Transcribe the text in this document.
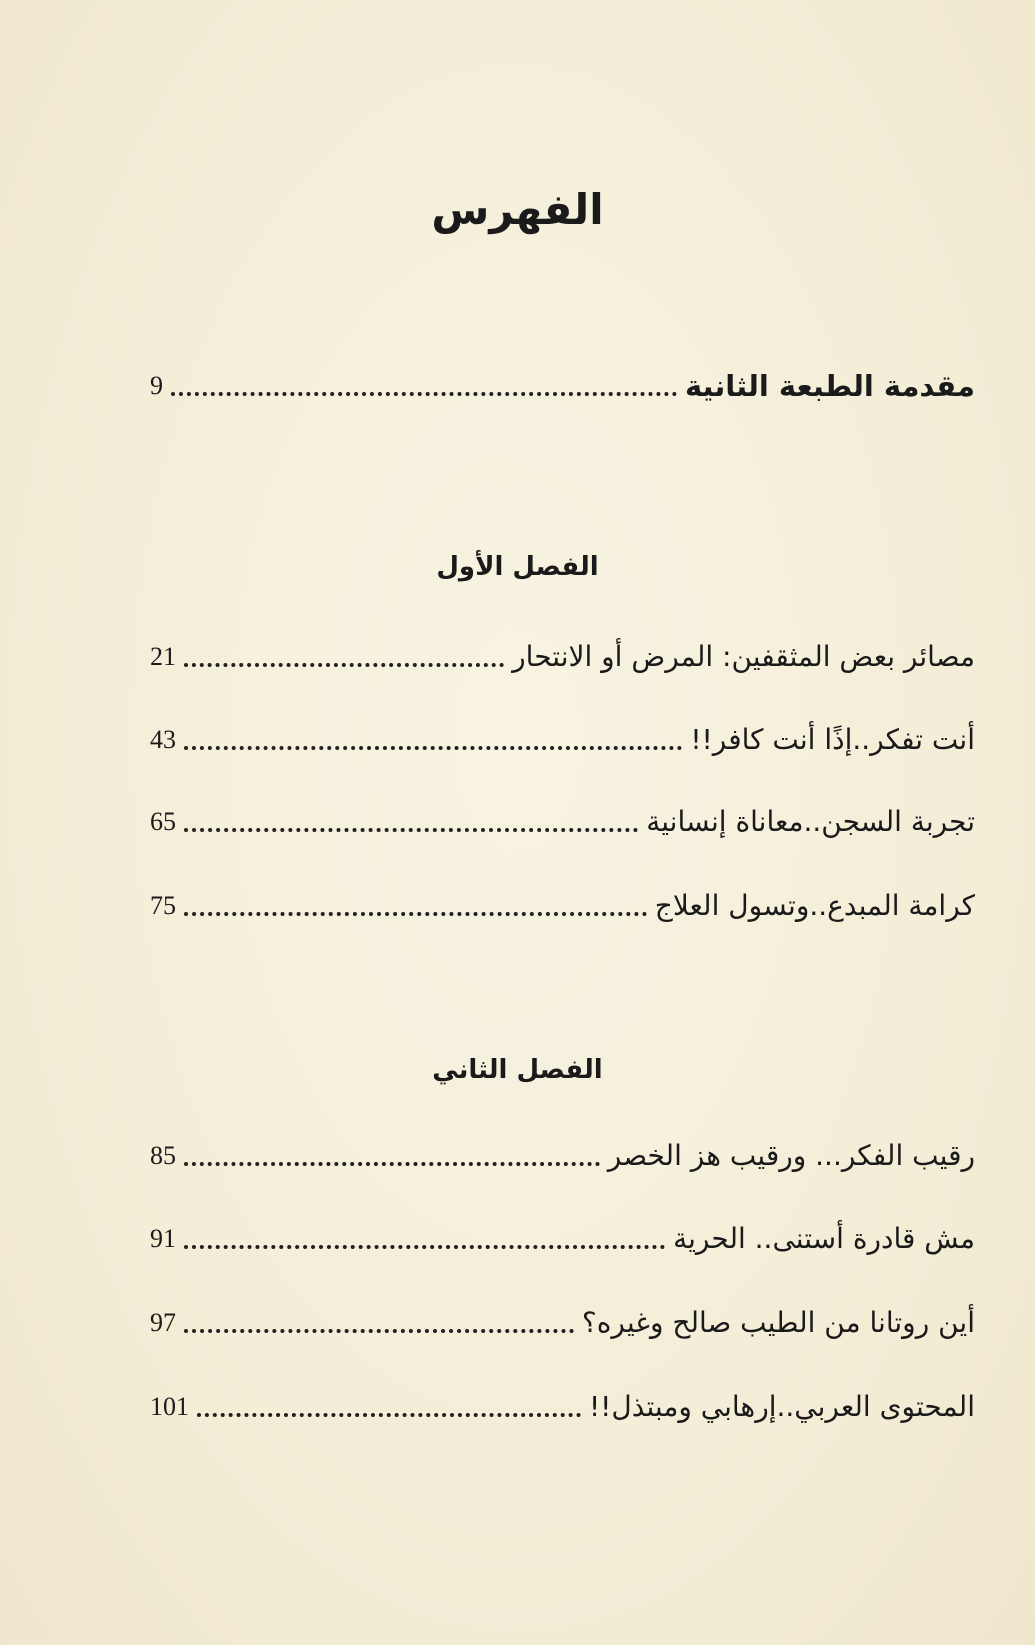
الفهرس
مقدمة الطبعة الثانية
9
الفصل الأول
مصائر بعض المثقفين: المرض أو الانتحار
21
أنت تفكر..إذًا أنت كافر!!
43
تجربة السجن..معاناة إنسانية
65
كرامة المبدع..وتسول العلاج
75
الفصل الثاني
رقيب الفكر... ورقيب هز الخصر
85
مش قادرة أستنى.. الحرية
91
أين روتانا من الطيب صالح وغيره؟
97
المحتوى العربي..إرهابي ومبتذل!!
101
